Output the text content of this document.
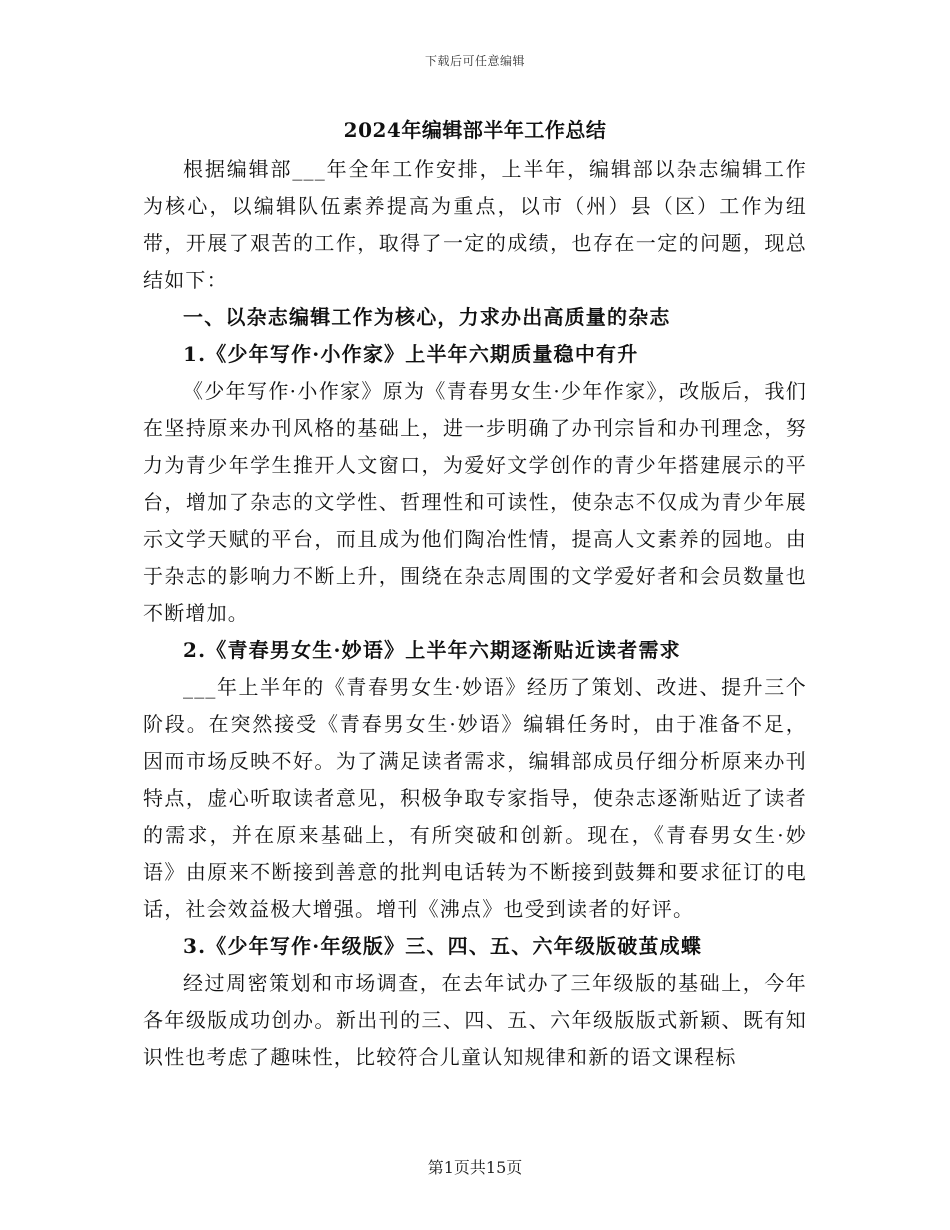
下载后可任意编辑
2024年编辑部半年工作总结

根据编辑部___年全年工作安排，上半年，编辑部以杂志编辑工作为核心，以编辑队伍素养提高为重点，以市（州）县（区）工作为纽带，开展了艰苦的工作，取得了一定的成绩，也存在一定的问题，现总结如下：

一、以杂志编辑工作为核心，力求办出高质量的杂志

1.《少年写作·小作家》上半年六期质量稳中有升

《少年写作·小作家》原为《青春男女生·少年作家》，改版后，我们在坚持原来办刊风格的基础上，进一步明确了办刊宗旨和办刊理念，努力为青少年学生推开人文窗口，为爱好文学创作的青少年搭建展示的平台，增加了杂志的文学性、哲理性和可读性，使杂志不仅成为青少年展示文学天赋的平台，而且成为他们陶冶性情，提高人文素养的园地。由于杂志的影响力不断上升，围绕在杂志周围的文学爱好者和会员数量也不断增加。

2.《青春男女生·妙语》上半年六期逐渐贴近读者需求

___年上半年的《青春男女生·妙语》经历了策划、改进、提升三个阶段。在突然接受《青春男女生·妙语》编辑任务时，由于准备不足，因而市场反映不好。为了满足读者需求，编辑部成员仔细分析原来办刊特点，虚心听取读者意见，积极争取专家指导，使杂志逐渐贴近了读者的需求，并在原来基础上，有所突破和创新。现在，《青春男女生·妙语》由原来不断接到善意的批判电话转为不断接到鼓舞和要求征订的电话，社会效益极大增强。增刊《沸点》也受到读者的好评。

3.《少年写作·年级版》三、四、五、六年级版破茧成蝶

经过周密策划和市场调查，在去年试办了三年级版的基础上，今年各年级版成功创办。新出刊的三、四、五、六年级版版式新颖、既有知识性也考虑了趣味性，比较符合儿童认知规律和新的语文课程标

第1页共15页
